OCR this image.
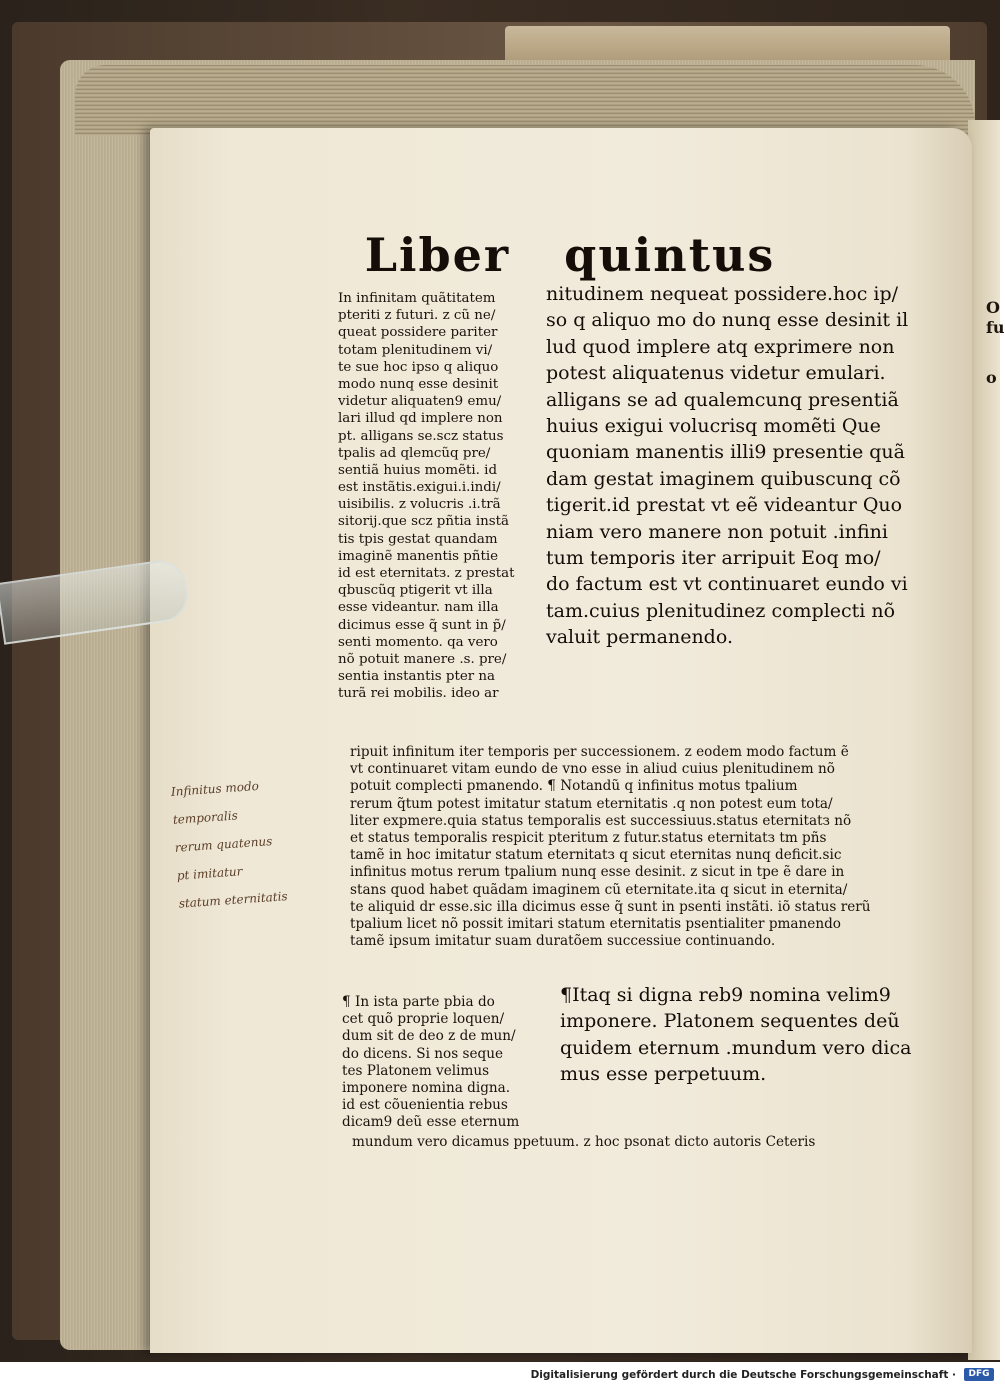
O
fu
o
Liber quintus
In infinitam quãtitatem
pteriti z futuri. z cũ ne/
queat possidere pariter
totam plenitudinem vi/
te sue hoc ipso q aliquo
modo nunq esse desinit
videtur aliquaten9 emu/
lari illud qd implere non
pt. alligans se.scz status
tpalis ad qlemcũq pre/
sentiã huius momẽti. id
est instãtis.exigui.i.indi/
uisibilis. z volucris .i.trã
sitorij.que scz pñtia instã
tis tpis gestat quandam
imaginẽ manentis pñtie
id est eternitatз. z prestat
qbuscũq ptigerit vt illa
esse videantur. nam illa
dicimus esse q̃ sunt in p̃/
senti momento. qa vero
nõ potuit manere .s. pre/
sentia instantis pter na
turã rei mobilis. ideo ar
nitudinem nequeat possidere.hoc ip/
so q aliquo mo do nunq esse desinit il
lud quod implere atq exprimere non
potest aliquatenus videtur emulari.
alligans se ad qualemcunq presentiã
huius exigui volucrisq momẽti Que
quoniam manentis illi9 presentie quã
dam gestat imaginem quibuscunq cõ
tigerit.id prestat vt eẽ videantur Quo
niam vero manere non potuit .infini
tum temporis iter arripuit Eoq mo/
do factum est vt continuaret eundo vi
tam.cuius plenitudinez complecti nõ
valuit permanendo.
ripuit infinitum iter temporis per successionem. z eodem modo factum ẽ
vt continuaret vitam eundo de vno esse in aliud cuius plenitudinem nõ
potuit complecti pmanendo. ¶ Notandũ q infinitus motus tpalium
rerum q̃tum potest imitatur statum eternitatis .q non potest eum tota/
liter expmere.quia status temporalis est successiuus.status eternitatз nõ
et status temporalis respicit pteritum z futur.status eternitatз tm pñs
tamẽ in hoc imitatur statum eternitatз q sicut eternitas nunq deficit.sic
infinitus motus rerum tpalium nunq esse desinit. z sicut in tpe ẽ dare in
stans quod habet quãdam imaginem cũ eternitate.ita q sicut in eternita/
te aliquid dr esse.sic illa dicimus esse q̃ sunt in psenti instãti. iõ status rerũ
tpalium licet nõ possit imitari statum eternitatis psentialiter pmanendo
tamẽ ipsum imitatur suam duratõem successiue continuando.
¶ In ista parte pbia do
cet quõ proprie loquen/
dum sit de deo z de mun/
do dicens. Si nos seque
tes Platonem velimus
imponere nomina digna.
id est cõuenientia rebus
dicam9 deũ esse eternum
¶Itaq si digna reb9 nomina velim9
imponere. Platonem sequentes deũ
quidem eternum .mundum vero dica
mus esse perpetuum.
mundum vero dicamus ppetuum. z hoc psonat dicto autoris Ceteris
Infinitus modo
temporalis
rerum quatenus
pt imitatur
statum eternitatis
Digitalisierung gefördert durch die Deutsche Forschungsgemeinschaft ·	DFG
